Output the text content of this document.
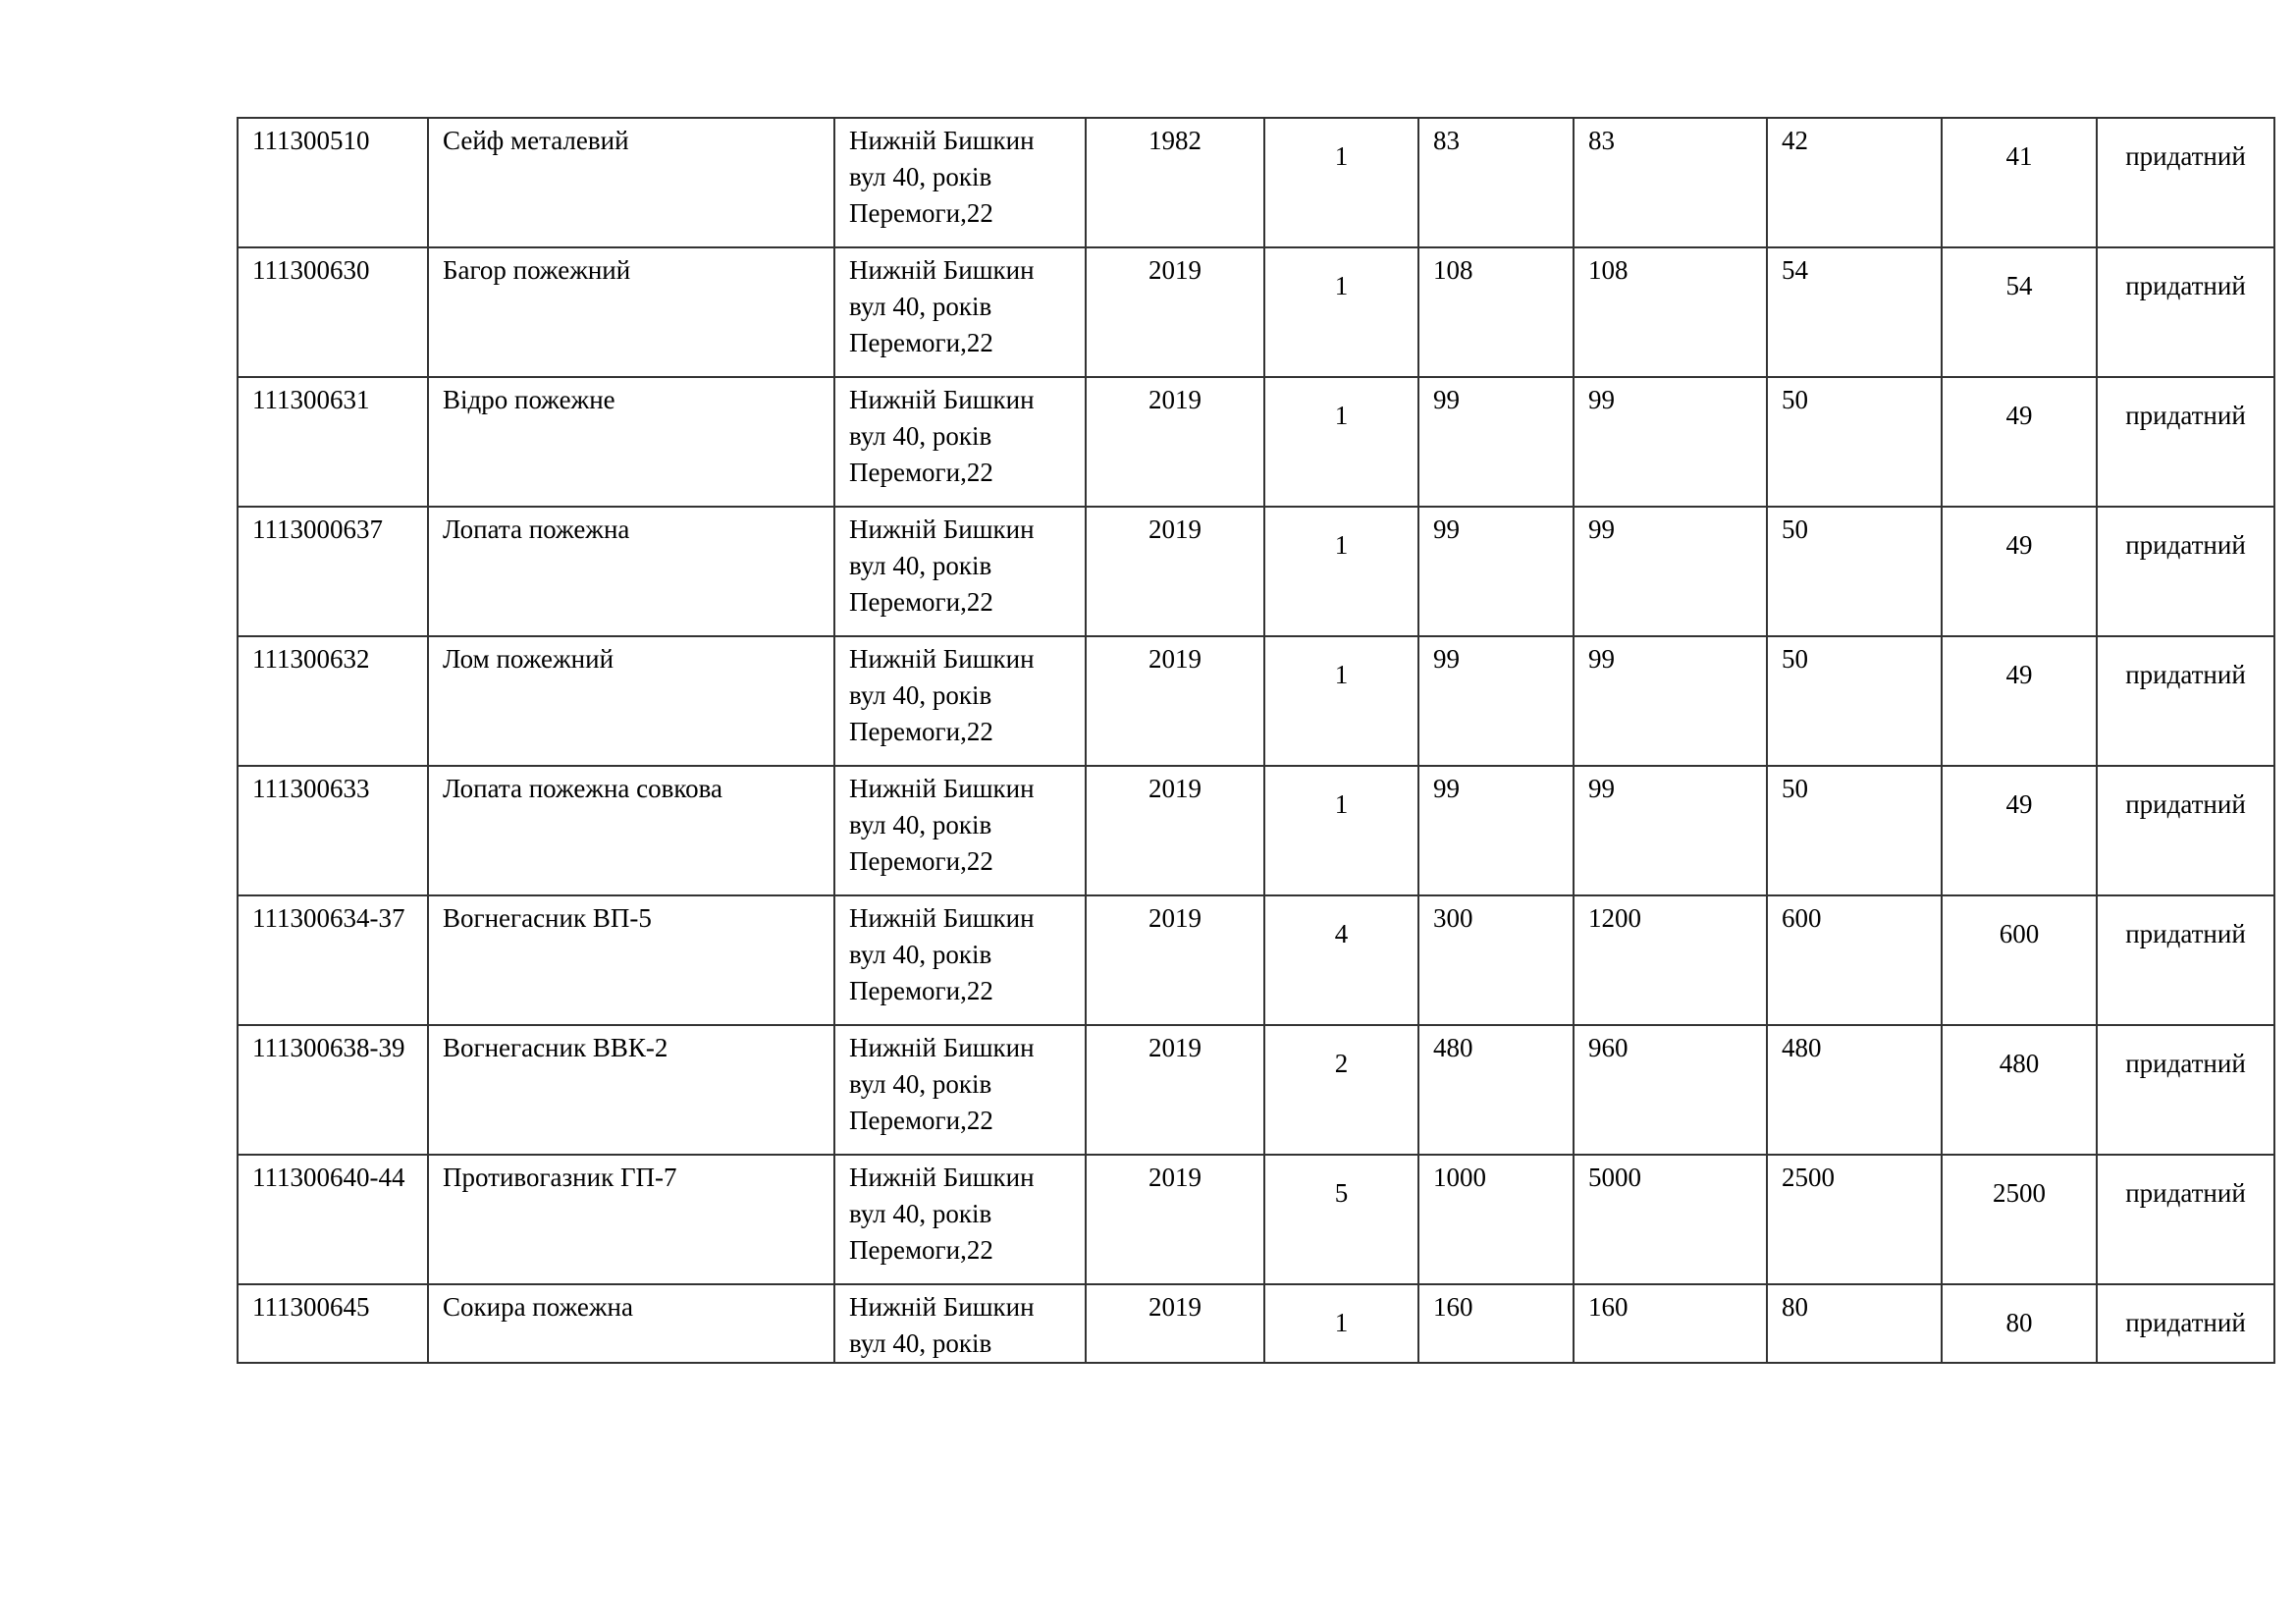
111300510	Сейф металевий	Нижній Бишкин
вул 40, років
Перемоги,22	1982	1	83	83	42	41	придатний

111300630	Багор пожежний	Нижній Бишкин
вул 40, років
Перемоги,22	2019	1	108	108	54	54	придатний

111300631	Відро пожежне	Нижній Бишкин
вул 40, років
Перемоги,22	2019	1	99	99	50	49	придатний

1113000637	Лопата пожежна	Нижній Бишкин
вул 40, років
Перемоги,22	2019	1	99	99	50	49	придатний

111300632	Лом пожежний	Нижній Бишкин
вул 40, років
Перемоги,22	2019	1	99	99	50	49	придатний

111300633	Лопата пожежна совкова	Нижній Бишкин
вул 40, років
Перемоги,22	2019	1	99	99	50	49	придатний

111300634-37	Вогнегасник ВП-5	Нижній Бишкин
вул 40, років
Перемоги,22	2019	4	300	1200	600	600	придатний

111300638-39	Вогнегасник ВВК-2	Нижній Бишкин
вул 40, років
Перемоги,22	2019	2	480	960	480	480	придатний

111300640-44	Противогазник ГП-7	Нижній Бишкин
вул 40, років
Перемоги,22	2019	5	1000	5000	2500	2500	придатний

111300645	Сокира пожежна	Нижній Бишкин
вул 40, років	2019	1	160	160	80	80	придатний
